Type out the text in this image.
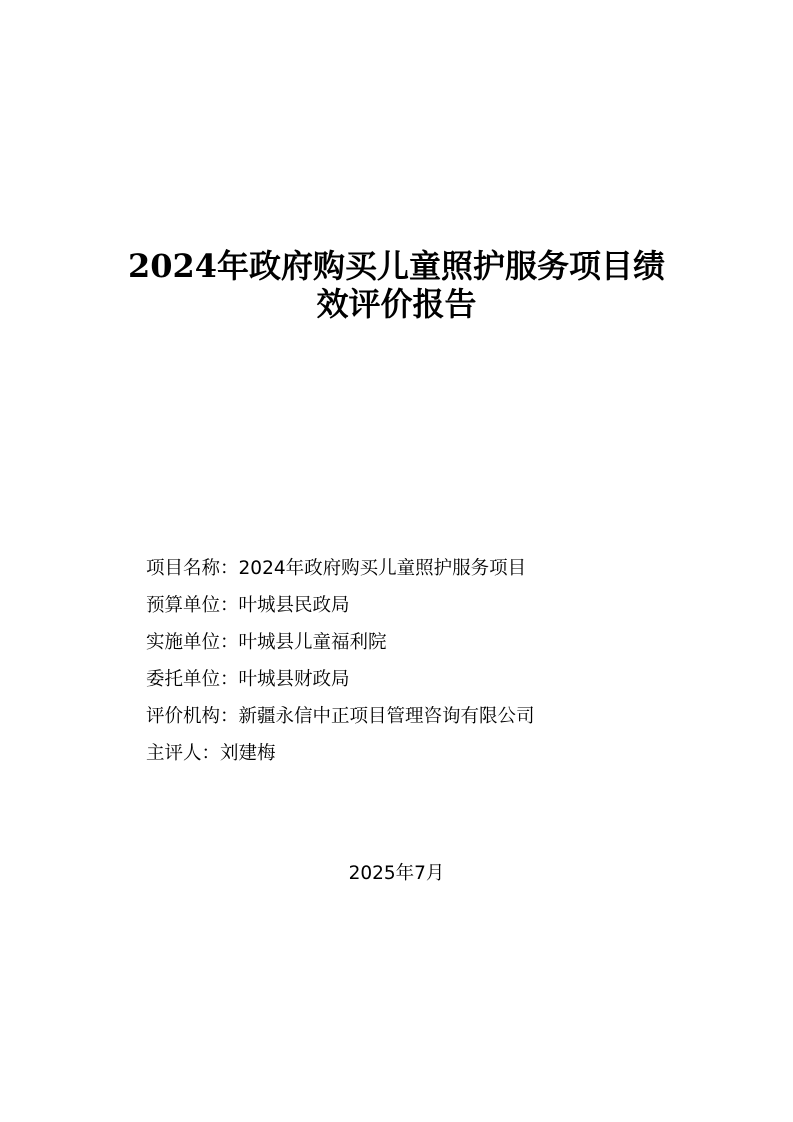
2024年政府购买儿童照护服务项目绩
效评价报告
项目名称：2024年政府购买儿童照护服务项目
预算单位：叶城县民政局
实施单位：叶城县儿童福利院
委托单位：叶城县财政局
评价机构：新疆永信中正项目管理咨询有限公司
主评人：刘建梅
2025年7月
